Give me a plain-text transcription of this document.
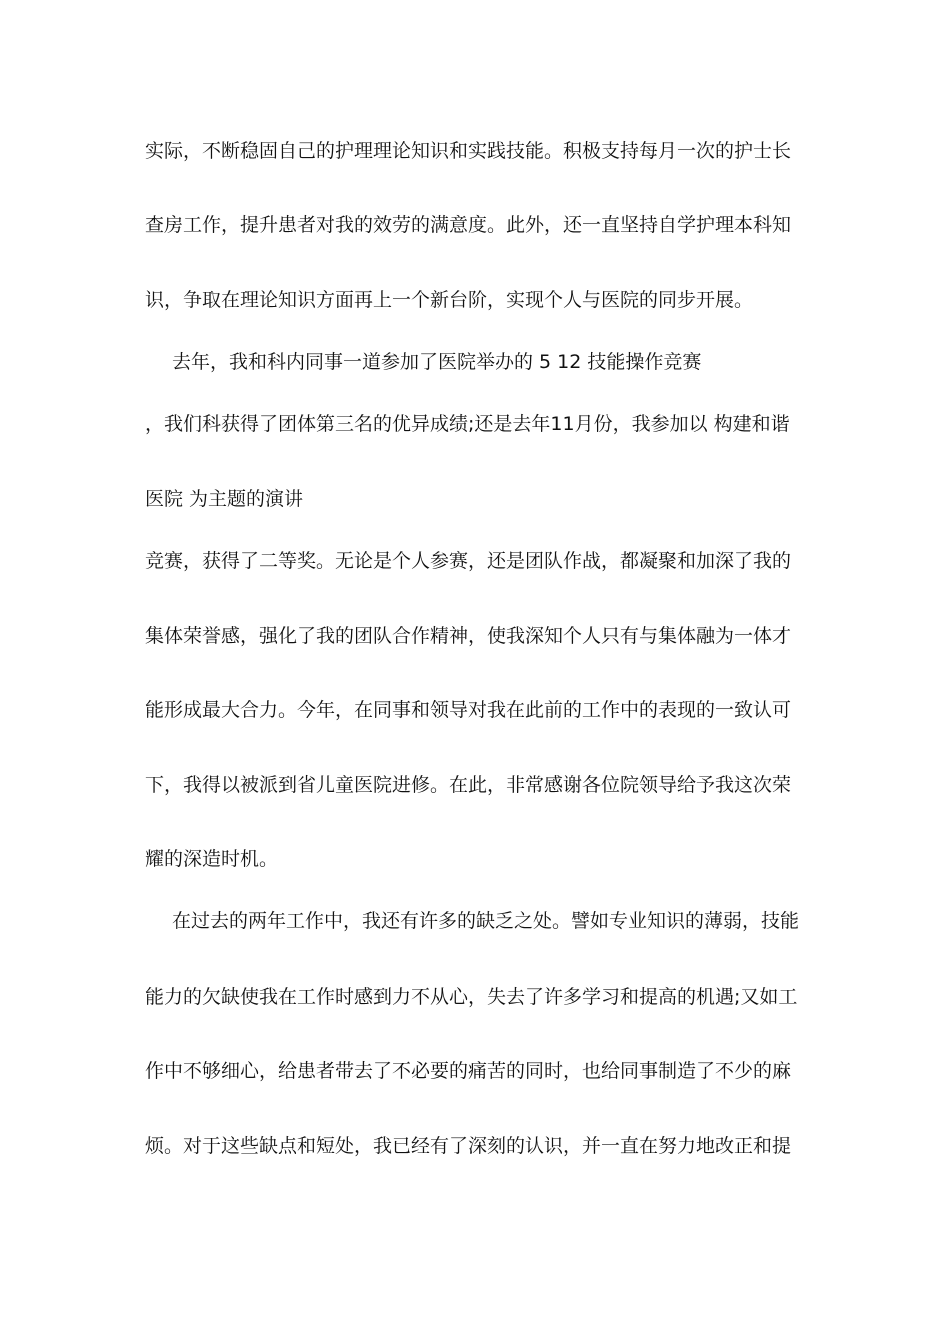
实际，不断稳固自己的护理理论知识和实践技能。积极支持每月一次的护士长
查房工作，提升患者对我的效劳的满意度。此外，还一直坚持自学护理本科知
识，争取在理论知识方面再上一个新台阶，实现个人与医院的同步开展。
去年，我和科内同事一道参加了医院举办的 5 12 技能操作竞赛
，我们科获得了团体第三名的优异成绩;还是去年11月份，我参加以 构建和谐
医院 为主题的演讲
竞赛，获得了二等奖。无论是个人参赛，还是团队作战，都凝聚和加深了我的
集体荣誉感，强化了我的团队合作精神，使我深知个人只有与集体融为一体才
能形成最大合力。今年，在同事和领导对我在此前的工作中的表现的一致认可
下，我得以被派到省儿童医院进修。在此，非常感谢各位院领导给予我这次荣
耀的深造时机。
在过去的两年工作中，我还有许多的缺乏之处。譬如专业知识的薄弱，技能
能力的欠缺使我在工作时感到力不从心，失去了许多学习和提高的机遇;又如工
作中不够细心，给患者带去了不必要的痛苦的同时，也给同事制造了不少的麻
烦。对于这些缺点和短处，我已经有了深刻的认识，并一直在努力地改正和提
